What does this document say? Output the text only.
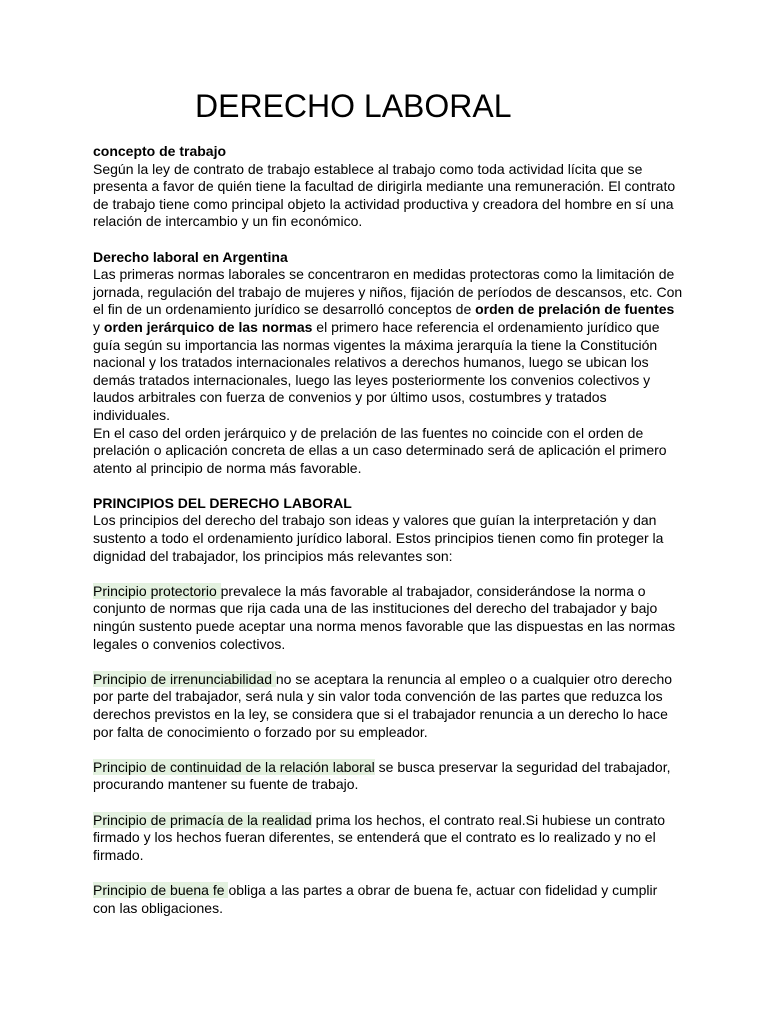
DERECHO LABORAL

concepto de trabajo

Según la ley de contrato de trabajo establece al trabajo como toda actividad lícita que se presenta a favor de quién tiene la facultad de dirigirla mediante una remuneración. El contrato de trabajo tiene como principal objeto la actividad productiva y creadora del hombre en sí una relación de intercambio y un fin económico.

Derecho laboral en Argentina

Las primeras normas laborales se concentraron en medidas protectoras como la limitación de jornada, regulación del trabajo de mujeres y niños, fijación de períodos de descansos, etc. Con el fin de un ordenamiento jurídico se desarrolló conceptos de orden de prelación de fuentes y orden jerárquico de las normas el primero hace referencia el ordenamiento jurídico que guía según su importancia las normas vigentes la máxima jerarquía la tiene la Constitución nacional y los tratados internacionales relativos a derechos humanos, luego se ubican los demás tratados internacionales, luego las leyes posteriormente los convenios colectivos y laudos arbitrales con fuerza de convenios y por último usos, costumbres y tratados individuales.

En el caso del orden jerárquico y de prelación de las fuentes no coincide con el orden de prelación o aplicación concreta de ellas a un caso determinado será de aplicación el primero atento al principio de norma más favorable.

PRINCIPIOS DEL DERECHO LABORAL

Los principios del derecho del trabajo son ideas y valores que guían la interpretación y dan sustento a todo el ordenamiento jurídico laboral. Estos principios tienen como fin proteger la dignidad del trabajador, los principios más relevantes son:

Principio protectorio prevalece la más favorable al trabajador, considerándose la norma o conjunto de normas que rija cada una de las instituciones del derecho del trabajador y bajo ningún sustento puede aceptar una norma menos favorable que las dispuestas en las normas legales o convenios colectivos.

Principio de irrenunciabilidad no se aceptara la renuncia al empleo o a cualquier otro derecho por parte del trabajador, será nula y sin valor toda convención de las partes que reduzca los derechos previstos en la ley, se considera que si el trabajador renuncia a un derecho lo hace por falta de conocimiento o forzado por su empleador.

Principio de continuidad de la relación laboral se busca preservar la seguridad del trabajador, procurando mantener su fuente de trabajo.

Principio de primacía de la realidad prima los hechos, el contrato real.Si hubiese un contrato firmado y los hechos fueran diferentes, se entenderá que el contrato es lo realizado y no el firmado.

Principio de buena fe obliga a las partes a obrar de buena fe, actuar con fidelidad y cumplir con las obligaciones.
